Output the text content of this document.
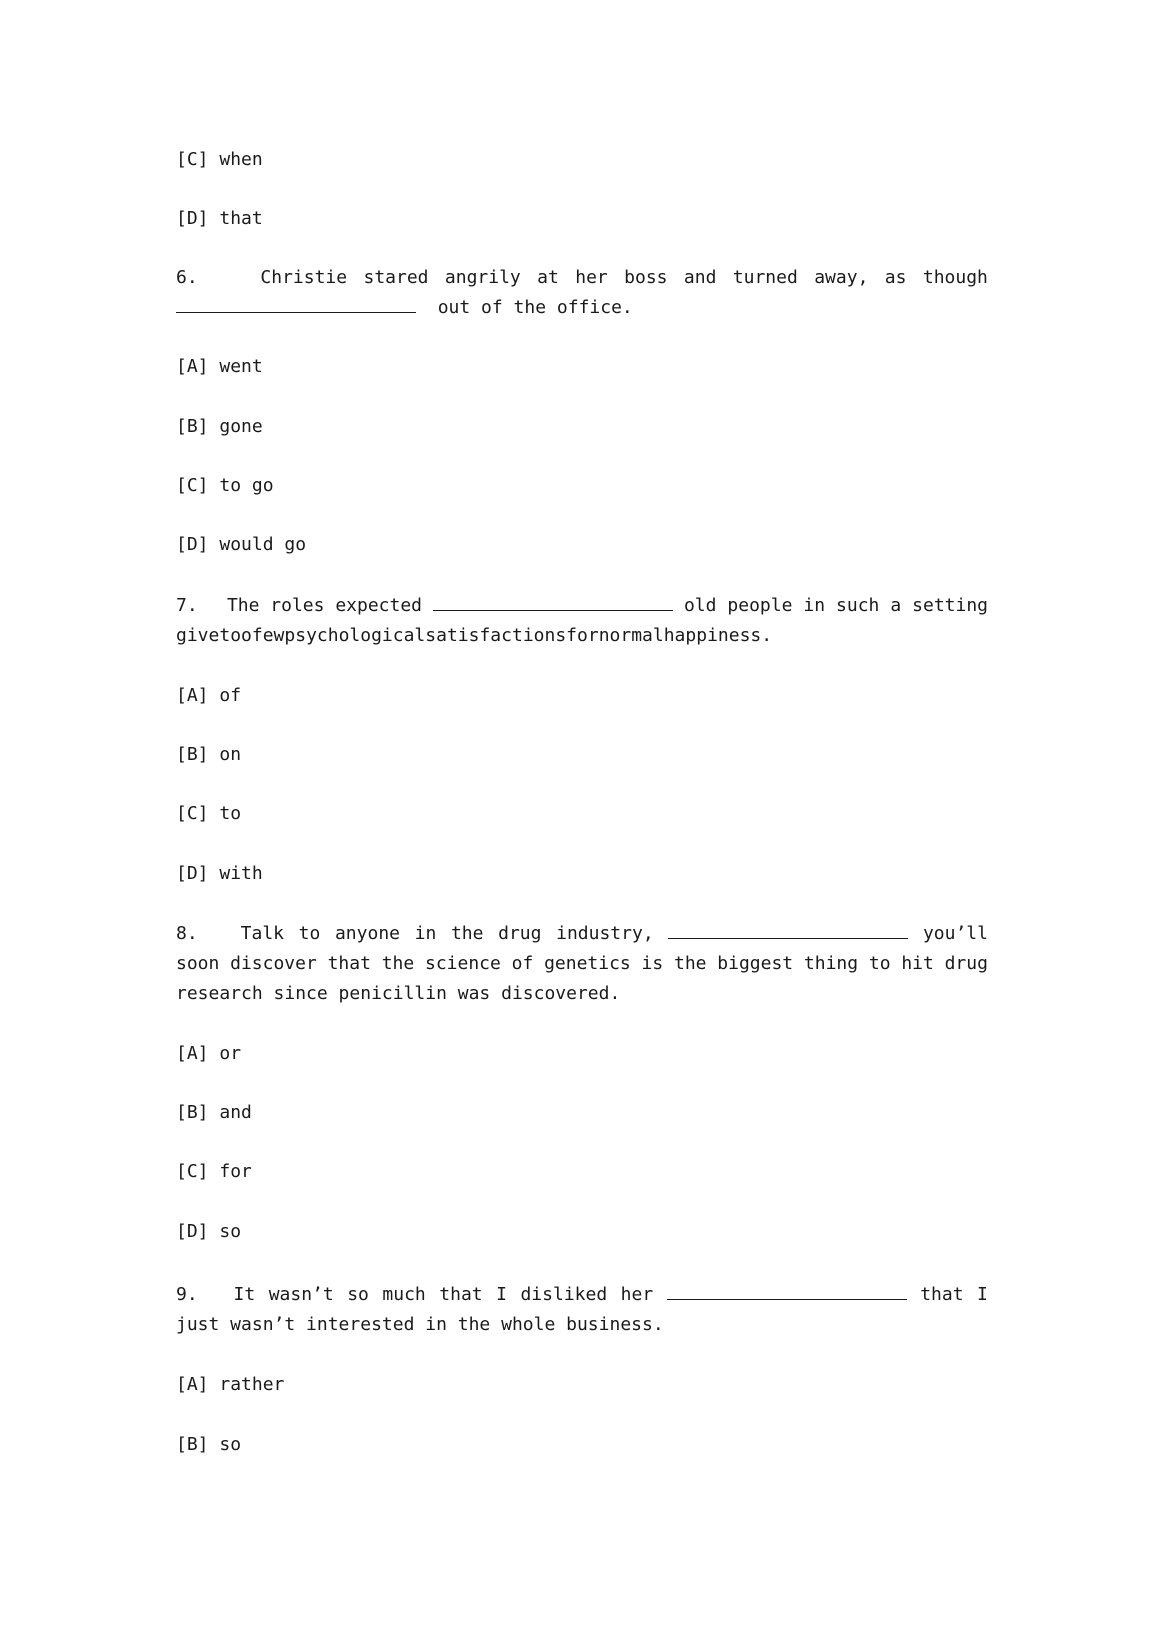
[C] when
[D] that
6.	Christie stared angrily at her boss and turned away, as though
out of the office.
[A] went
[B] gone
[C] to go
[D] would go
7.	The roles expected	old people in such a setting
give too few psychological satisfactions for normal happiness.
[A] of
[B] on
[C] to
[D] with
8.	Talk to anyone in the drug industry,	you’ll
soon discover that the science of genetics is the biggest thing to hit drug
research since penicillin was discovered.
[A] or
[B] and
[C] for
[D] so
9.	It wasn’t so much that I disliked her	that I
just wasn’t interested in the whole business.
[A] rather
[B] so
